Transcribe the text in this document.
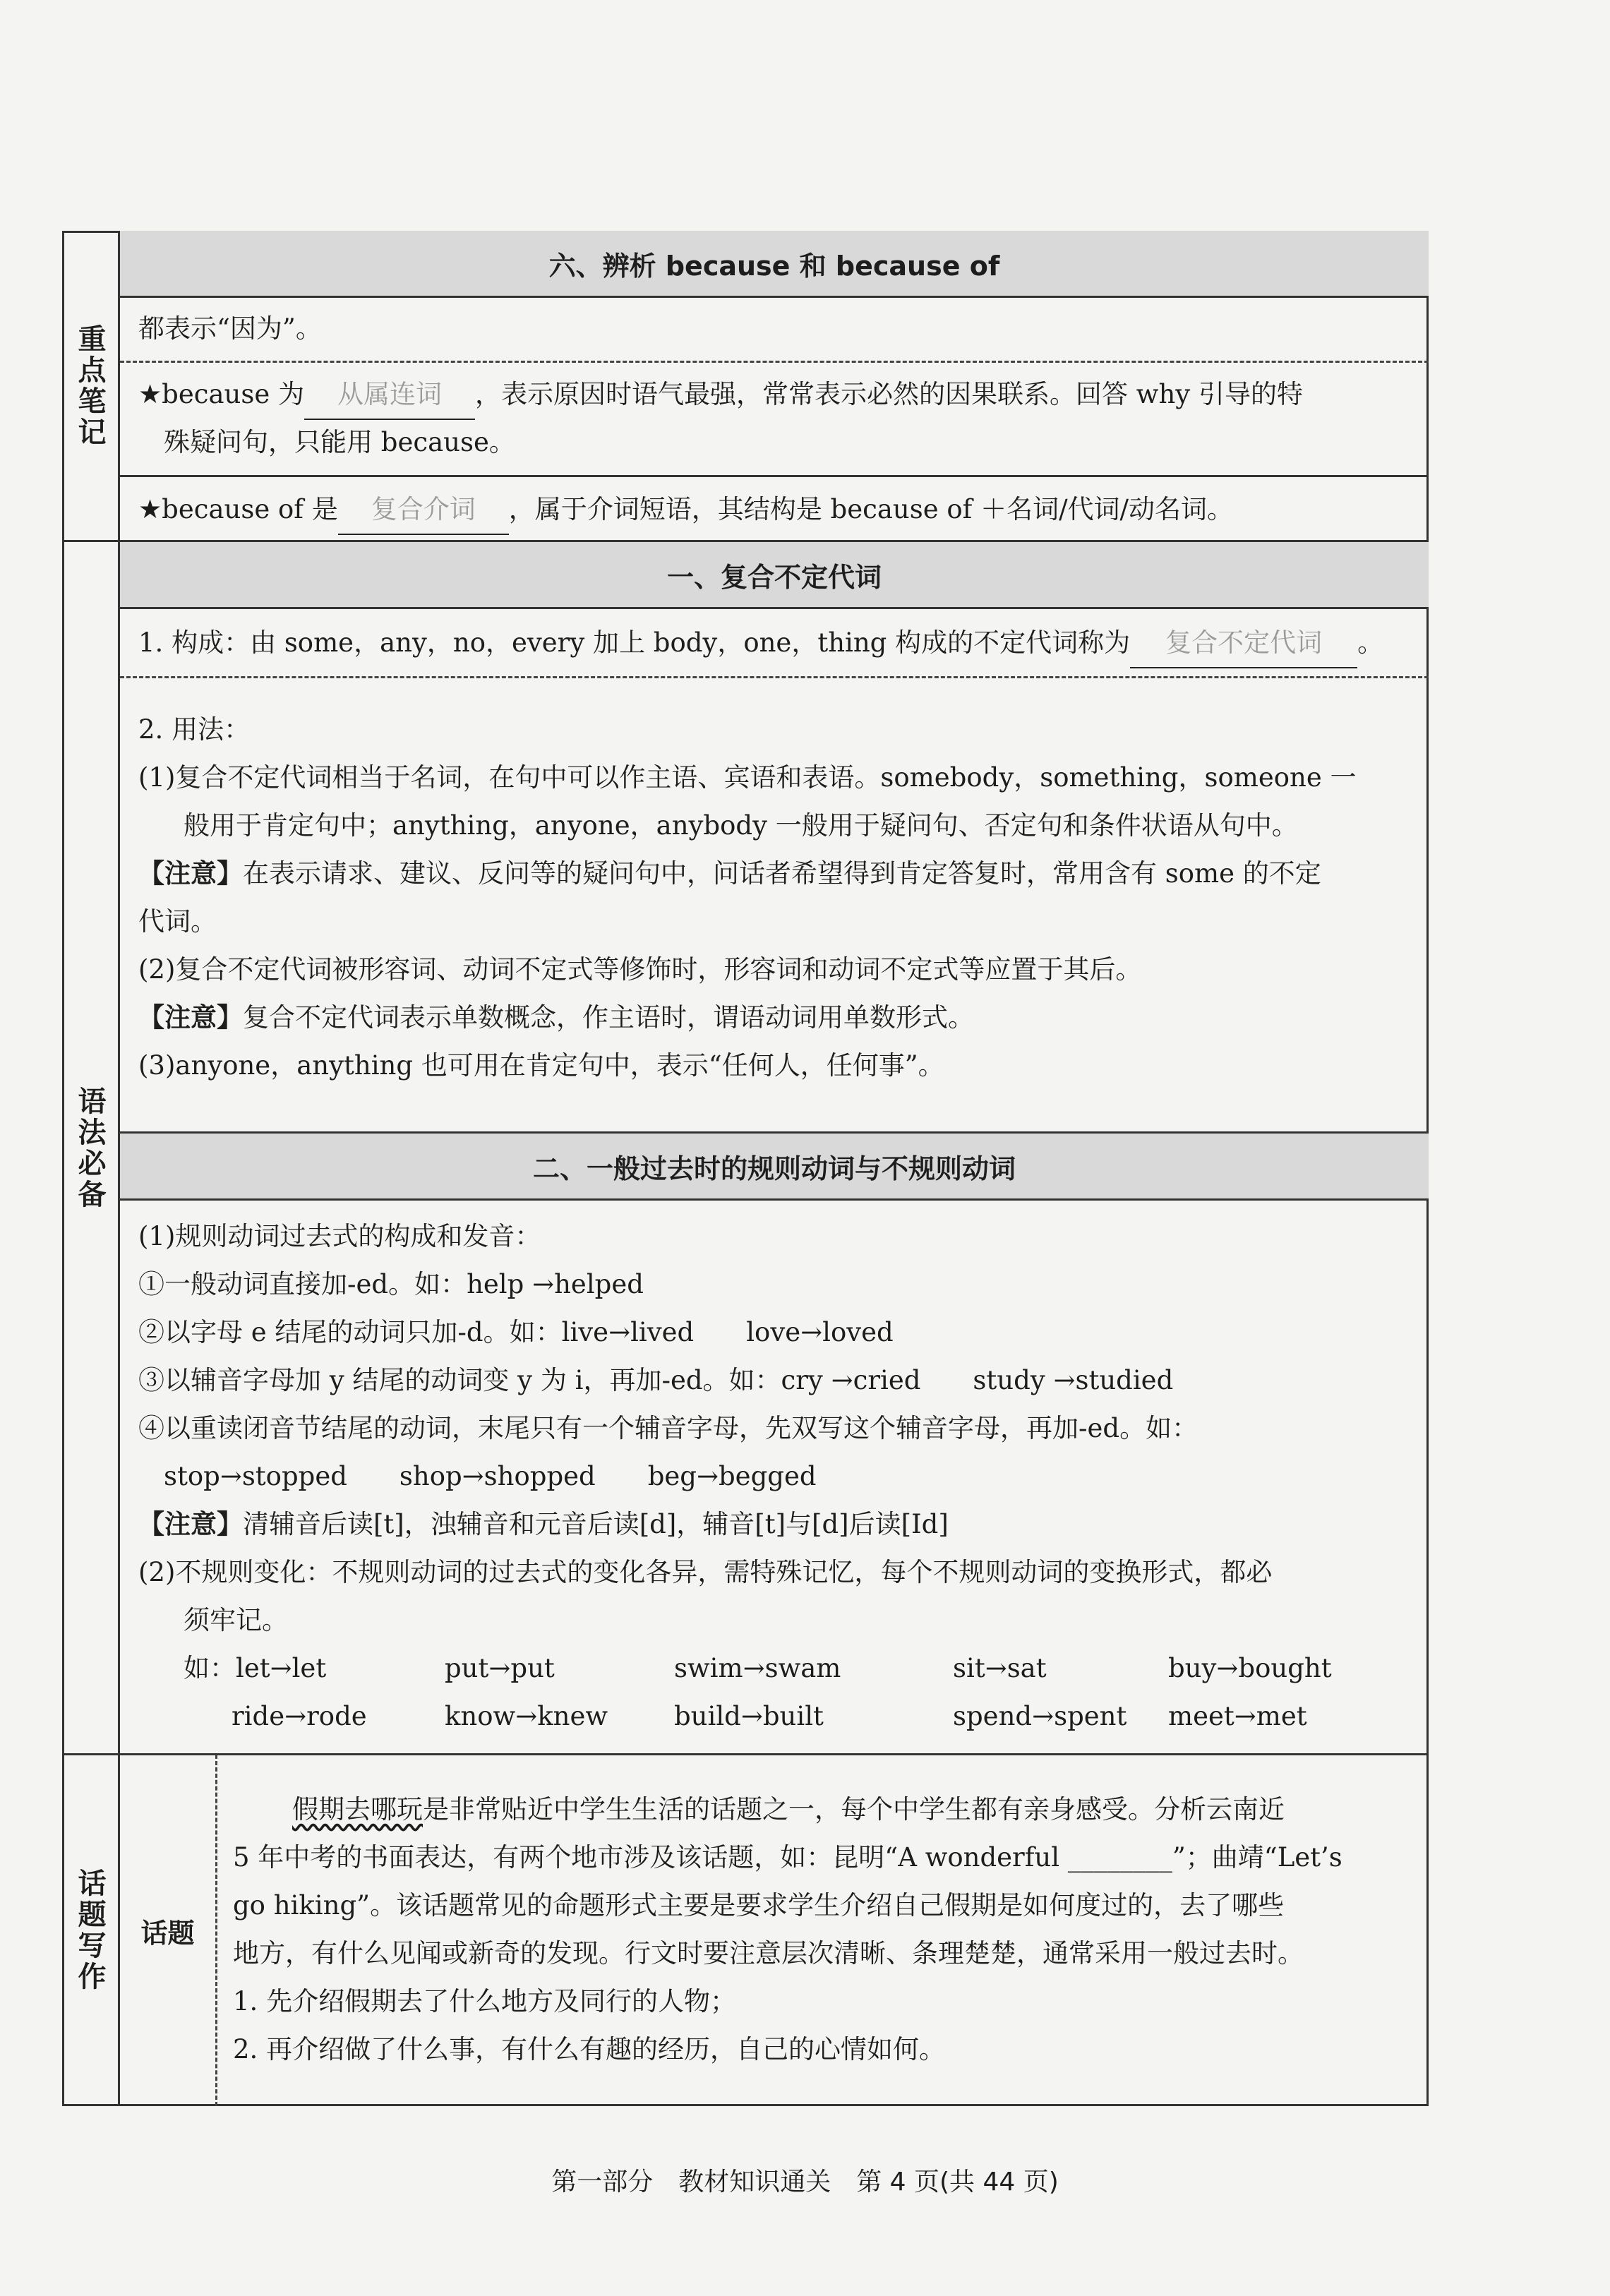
重点笔记
语法必备
话题写作
六、辨析 because 和 because of
都表示“因为”。
★because 为 从属连词 ，表示原因时语气最强，常常表示必然的因果联系。回答 why 引导的特
殊疑问句，只能用 because。
★because of 是 复合介词 ，属于介词短语，其结构是 because of ＋名词/代词/动名词。
一、复合不定代词
1. 构成：由 some，any，no，every 加上 body，one，thing 构成的不定代词称为 复合不定代词 。
2. 用法：
(1)复合不定代词相当于名词，在句中可以作主语、宾语和表语。somebody，something，someone 一
般用于肯定句中；anything，anyone，anybody 一般用于疑问句、否定句和条件状语从句中。
【注意】在表示请求、建议、反问等的疑问句中，问话者希望得到肯定答复时，常用含有 some 的不定
代词。
(2)复合不定代词被形容词、动词不定式等修饰时，形容词和动词不定式等应置于其后。
【注意】复合不定代词表示单数概念，作主语时，谓语动词用单数形式。
(3)anyone，anything 也可用在肯定句中，表示“任何人，任何事”。
二、一般过去时的规则动词与不规则动词
(1)规则动词过去式的构成和发音：
①一般动词直接加-ed。如：help →helped
②以字母 e 结尾的动词只加-d。如：live→lived　　love→loved
③以辅音字母加 y 结尾的动词变 y 为 i，再加-ed。如：cry →cried　　study →studied
④以重读闭音节结尾的动词，末尾只有一个辅音字母，先双写这个辅音字母，再加-ed。如：
stop→stopped　　shop→shopped　　beg→begged
【注意】清辅音后读[t]，浊辅音和元音后读[d]，辅音[t]与[d]后读[Id]
(2)不规则变化：不规则动词的过去式的变化各异，需特殊记忆，每个不规则动词的变换形式，都必
须牢记。
如：let→let	put→put	swim→swam	sit→sat	buy→bought
ride→rode	know→knew	build→built	spend→spent meet→met
话题
假期去哪玩是非常贴近中学生生活的话题之一，每个中学生都有亲身感受。分析云南近
5 年中考的书面表达，有两个地市涉及该话题，如：昆明“A wonderful ________”；曲靖“Let’s
go hiking”。该话题常见的命题形式主要是要求学生介绍自己假期是如何度过的，去了哪些
地方，有什么见闻或新奇的发现。行文时要注意层次清晰、条理楚楚，通常采用一般过去时。
1. 先介绍假期去了什么地方及同行的人物；
2. 再介绍做了什么事，有什么有趣的经历，自己的心情如何。
第一部分　教材知识通关　第 4 页(共 44 页)
